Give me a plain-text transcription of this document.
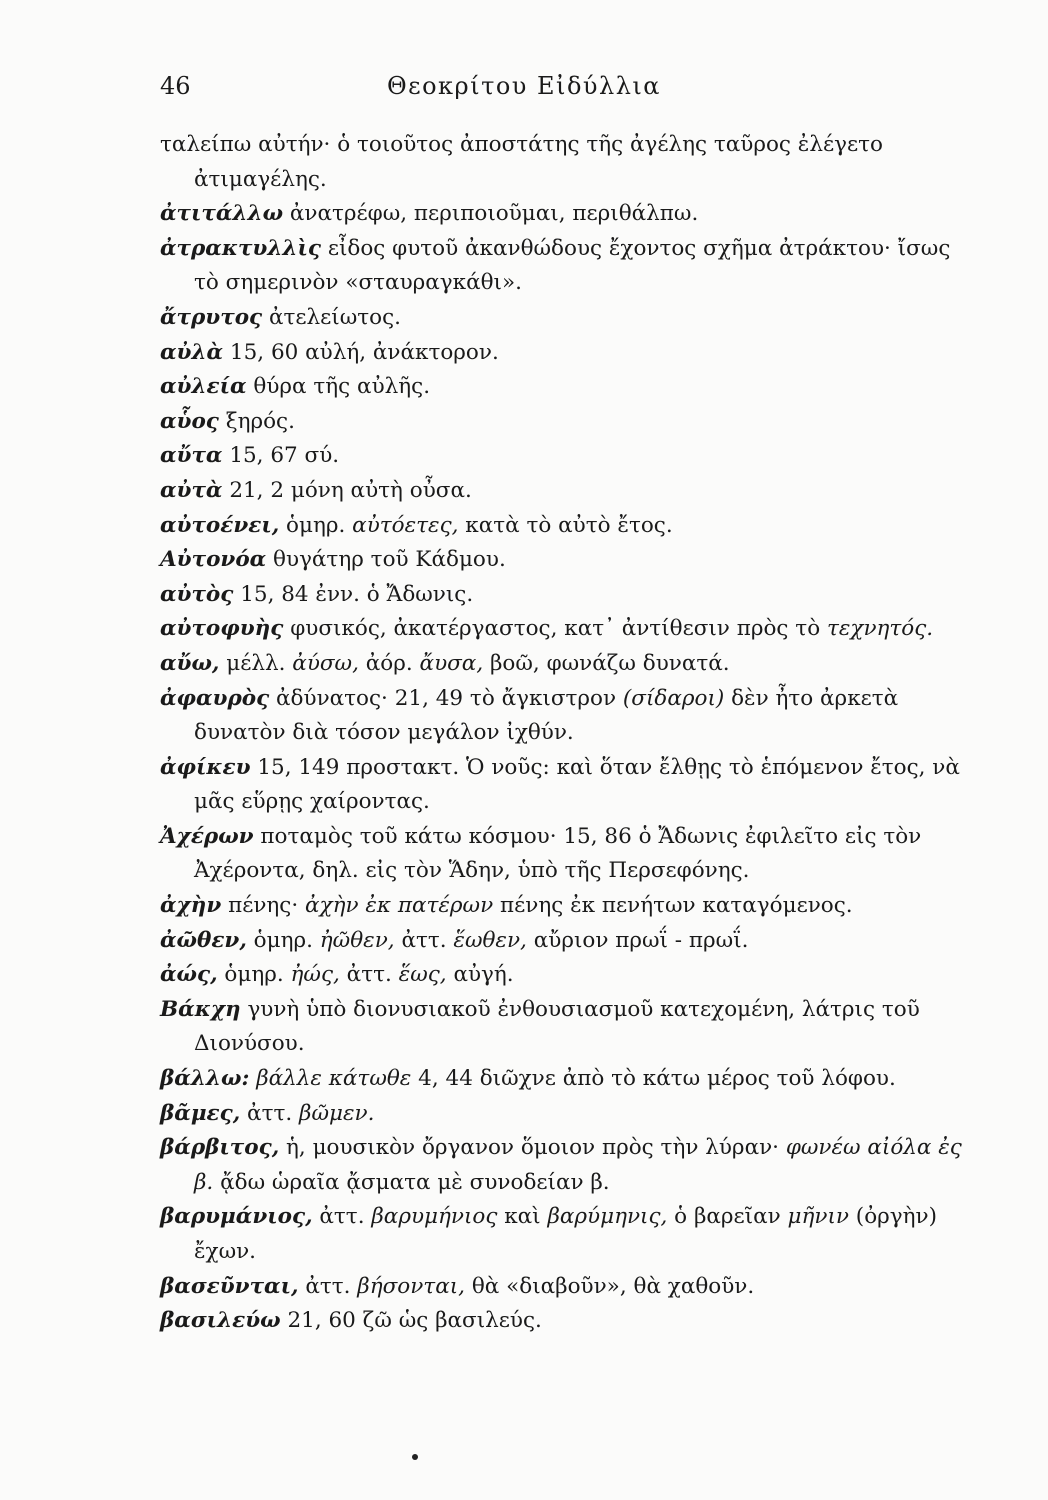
46	Θεοκρίτου Εἰδύλλια

ταλείπω αὐτήν· ὁ τοιοῦτος ἀποστάτης τῆς ἀγέλης ταῦρος ἐλέγετο ἀτιμαγέλης.

ἀτιτάλλω ἀνατρέφω, περιποιοῦμαι, περιθάλπω.

ἀτρακτυλλὶς εἶδος φυτοῦ ἀκανθώδους ἔχοντος σχῆμα ἀτράκτου· ἴσως τὸ σημερινὸν «σταυραγκάθι».

ἄτρυτος ἀτελείωτος.

αὐλὰ 15, 60 αὐλή, ἀνάκτορον.

αὐλεία θύρα τῆς αὐλῆς.

αὗος ξηρός.

αὔτα 15, 67 σύ.

αὐτὰ 21, 2 μόνη αὐτὴ οὖσα.

αὐτοένει, ὁμηρ. αὐτόετες, κατὰ τὸ αὐτὸ ἔτος.

Αὐτονόα θυγάτηρ τοῦ Κάδμου.

αὐτὸς 15, 84 ἐνν. ὁ Ἄδωνις.

αὐτοφυὴς φυσικός, ἀκατέργαστος, κατ᾽ ἀντίθεσιν πρὸς τὸ τεχνητός.

αὔω, μέλλ. ἀύσω, ἀόρ. ἄυσα, βοῶ, φωνάζω δυνατά.

ἀφαυρὸς ἀδύνατος· 21, 49 τὸ ἄγκιστρον (σίδαροι) δὲν ἦτο ἀρκετὰ δυνατὸν διὰ τόσον μεγάλον ἰχθύν.

ἀφίκευ 15, 149 προστακτ. Ὁ νοῦς: καὶ ὅταν ἔλθῃς τὸ ἑπόμενον ἔτος, νὰ μᾶς εὕρῃς χαίροντας.

Ἀχέρων ποταμὸς τοῦ κάτω κόσμου· 15, 86 ὁ Ἄδωνις ἐφιλεῖτο εἰς τὸν Ἀχέροντα, δηλ. εἰς τὸν Ἅδην, ὑπὸ τῆς Περσεφόνης.

ἀχὴν πένης· ἀχὴν ἐκ πατέρων πένης ἐκ πενήτων καταγόμενος.

ἀῶθεν, ὁμηρ. ἠῶθεν, ἀττ. ἕωθεν, αὔριον πρωΐ - πρωΐ.

ἀώς, ὁμηρ. ἠώς, ἀττ. ἕως, αὐγή.

Βάκχη γυνὴ ὑπὸ διονυσιακοῦ ἐνθουσιασμοῦ κατεχομένη, λάτρις τοῦ Διονύσου.

βάλλω: βάλλε κάτωθε 4, 44 διῶχνε ἀπὸ τὸ κάτω μέρος τοῦ λόφου.

βᾶμες, ἀττ. βῶμεν.

βάρβιτος, ἡ, μουσικὸν ὄργανον ὅμοιον πρὸς τὴν λύραν· φωνέω αἰόλα ἐς β. ᾄδω ὡραῖα ᾄσματα μὲ συνοδείαν β.

βαρυμάνιος, ἀττ. βαρυμήνιος καὶ βαρύμηνις, ὁ βαρεῖαν μῆνιν (ὀργὴν) ἔχων.

βασεῦνται, ἀττ. βήσονται, θὰ «διαβοῦν», θὰ χαθοῦν.

βασιλεύω 21, 60 ζῶ ὡς βασιλεύς.
